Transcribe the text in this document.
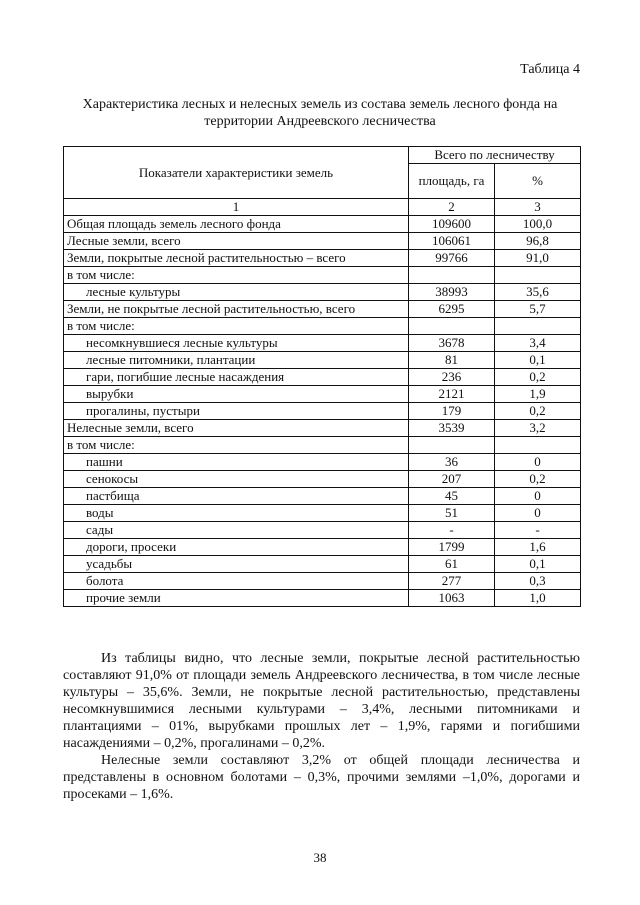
Таблица 4
Характеристика лесных и нелесных земель из состава земель лесного фонда на территории Андреевского лесничества
Показатели характеристики земель	Всего по лесничеству	
	площадь, га	%
1	2	3
Общая площадь земель лесного фонда	109600	100,0
Лесные земли, всего	106061	96,8
Земли, покрытые лесной растительностью – всего	99766	91,0
в том числе:		
лесные культуры	38993	35,6
Земли, не покрытые лесной растительностью, всего	6295	5,7
в том числе:		
несомкнувшиеся лесные культуры	3678	3,4
лесные питомники, плантации	81	0,1
гари, погибшие лесные насаждения	236	0,2
вырубки	2121	1,9
прогалины, пустыри	179	0,2
Нелесные земли, всего	3539	3,2
в том числе:		
пашни	36	0
сенокосы	207	0,2
пастбища	45	0
воды	51	0
сады	-	-
дороги, просеки	1799	1,6
усадьбы	61	0,1
болота	277	0,3
прочие земли	1063	1,0

Из таблицы видно, что лесные земли, покрытые лесной растительностью составляют 91,0% от площади земель Андреевского лесничества, в том числе лесные культуры – 35,6%. Земли, не покрытые лесной растительностью, представлены несомкнувшимися лесными культурами – 3,4%, лесными питомниками и плантациями – 01%, вырубками прошлых лет – 1,9%, гарями и погибшими насаждениями – 0,2%, прогалинами – 0,2%.

Нелесные земли составляют 3,2% от общей площади лесничества и представлены в основном болотами – 0,3%, прочими землями –1,0%, дорогами и просеками – 1,6%.

38
